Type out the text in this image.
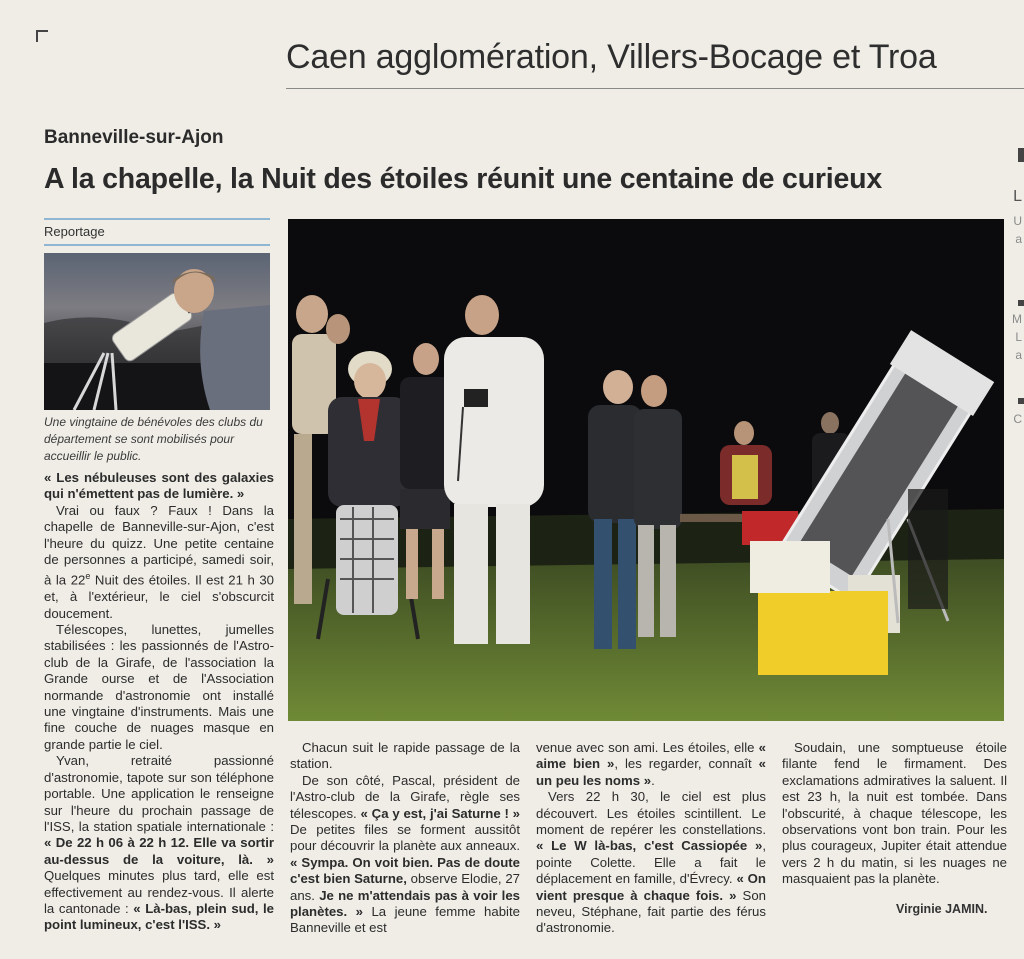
Caen agglomération, Villers-Bocage et Troa
Banneville-sur-Ajon
A la chapelle, la Nuit des étoiles réunit une centaine de curieux
Reportage
Une vingtaine de bénévoles des clubs du département se sont mobilisés pour accueillir le public.

« Les nébuleuses sont des galaxies qui n'émettent pas de lumière. »

Vrai ou faux ? Faux ! Dans la chapelle de Banneville-sur-Ajon, c'est l'heure du quizz. Une petite centaine de personnes a participé, samedi soir, à la 22e Nuit des étoiles. Il est 21 h 30 et, à l'extérieur, le ciel s'obscurcit doucement.

Télescopes, lunettes, jumelles stabilisées : les passionnés de l'Astro-club de la Girafe, de l'association la Grande ourse et de l'Association normande d'astronomie ont installé une vingtaine d'instruments. Mais une fine couche de nuages masque en grande partie le ciel.

Yvan, retraité passionné d'astronomie, tapote sur son téléphone portable. Une application le renseigne sur l'heure du prochain passage de l'ISS, la station spatiale internationale : « De 22 h 06 à 22 h 12. Elle va sortir au-dessus de la voiture, là. » Quelques minutes plus tard, elle est effectivement au rendez-vous. Il alerte la cantonade : « Là-bas, plein sud, le point lumineux, c'est l'ISS. »

Chacun suit le rapide passage de la station.

De son côté, Pascal, président de l'Astro-club de la Girafe, règle ses télescopes. « Ça y est, j'ai Saturne ! » De petites files se forment aussitôt pour découvrir la planète aux anneaux. « Sympa. On voit bien. Pas de doute c'est bien Saturne, observe Elodie, 27 ans. Je ne m'attendais pas à voir les planètes. » La jeune femme habite Banneville et est

venue avec son ami. Les étoiles, elle « aime bien », les regarder, connaît « un peu les noms ».

Vers 22 h 30, le ciel est plus découvert. Les étoiles scintillent. Le moment de repérer les constellations. « Le W là-bas, c'est Cassiopée », pointe Colette. Elle a fait le déplacement en famille, d'Évrecy. « On vient presque à chaque fois. » Son neveu, Stéphane, fait partie des férus d'astronomie.

Soudain, une somptueuse étoile filante fend le firmament. Des exclamations admiratives la saluent. Il est 23 h, la nuit est tombée. Dans l'obscurité, à chaque télescope, les observations vont bon train. Pour les plus courageux, Jupiter était attendue vers 2 h du matin, si les nuages ne masquaient pas la planète.

Virginie JAMIN.
L
U
a
M
L
a
C
